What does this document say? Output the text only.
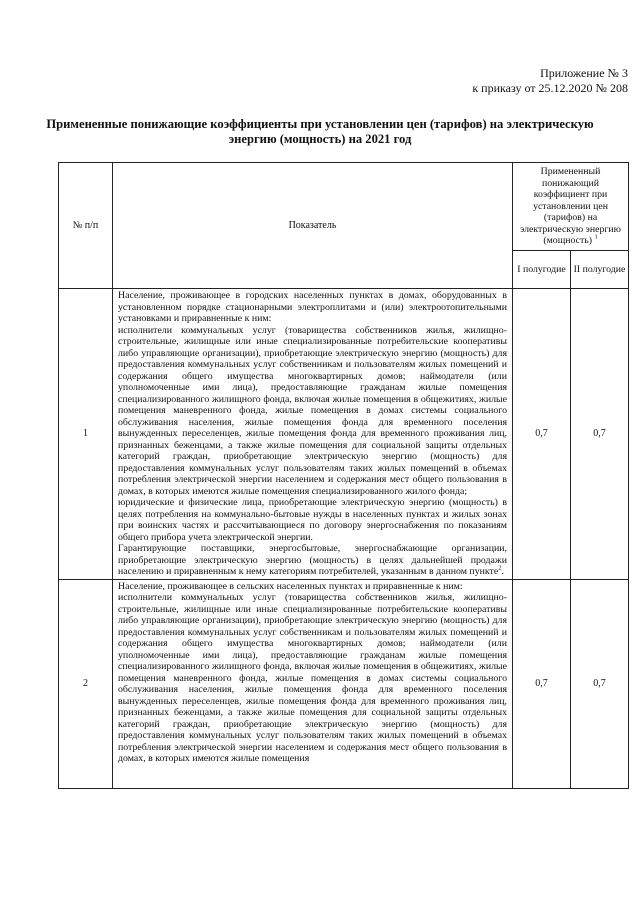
Приложение № 3
к приказу от 25.12.2020 № 208
Примененные понижающие коэффициенты при установлении цен (тарифов) на электрическую энергию (мощность) на 2021 год
№ п/п	Показатель	Примененный понижающий коэффициент при установлении цен (тарифов) на электрическую энергию (мощность) $^1$
		I полугодие	II полугодие
1	Население, проживающее в городских населенных пунктах в домах, оборудованных в установленном порядке стационарными электроплитами и (или) электроотопительными установками и приравненные к ним:
исполнители коммунальных услуг (товарищества собственников жилья, жилищно-строительные, жилищные или иные специализированные потребительские кооперативы либо управляющие организации), приобретающие электрическую энергию (мощность) для предоставления коммунальных услуг собственникам и пользователям жилых помещений и содержания общего имущества многоквартирных домов; наймодатели (или уполномоченные ими лица), предоставляющие гражданам жилые помещения специализированного жилищного фонда, включая жилые помещения в общежитиях, жилые помещения маневренного фонда, жилые помещения в домах системы социального обслуживания населения, жилые помещения фонда для временного поселения вынужденных переселенцев, жилые помещения фонда для временного проживания лиц, признанных беженцами, а также жилые помещения для социальной защиты отдельных категорий граждан, приобретающие электрическую энергию (мощность) для предоставления коммунальных услуг пользователям таких жилых помещений в объемах потребления электрической энергии населением и содержания мест общего пользования в домах, в которых имеются жилые помещения специализированного жилого фонда;
юридические и физические лица, приобретающие электрическую энергию (мощность) в целях потребления на коммунально-бытовые нужды в населенных пунктах и жилых зонах при воинских частях и рассчитывающиеся по договору энергоснабжения по показаниям общего прибора учета электрической энергии.
Гарантирующие поставщики, энергосбытовые, энергоснабжающие организации, приобретающие электрическую энергию (мощность) в целях дальнейшей продажи населению и приравненным к нему категориям потребителей, указанным в данном пункте$^2$.	0,7	0,7
2	Население, проживающее в сельских населенных пунктах и приравненные к ним:
исполнители коммунальных услуг (товарищества собственников жилья, жилищно-строительные, жилищные или иные специализированные потребительские кооперативы либо управляющие организации), приобретающие электрическую энергию (мощность) для предоставления коммунальных услуг собственникам и пользователям жилых помещений и содержания общего имущества многоквартирных домов; наймодатели (или уполномоченные ими лица), предоставляющие гражданам жилые помещения специализированного жилищного фонда, включая жилые помещения в общежитиях, жилые помещения маневренного фонда, жилые помещения в домах системы социального обслуживания населения, жилые помещения фонда для временного поселения вынужденных переселенцев, жилые помещения фонда для временного проживания лиц, признанных беженцами, а также жилые помещения для социальной защиты отдельных категорий граждан, приобретающие электрическую энергию (мощность) для предоставления коммунальных услуг пользователям таких жилых помещений в объемах потребления электрической энергии населением и содержания мест общего пользования в домах, в которых имеются жилые помещения	0,7	0,7
